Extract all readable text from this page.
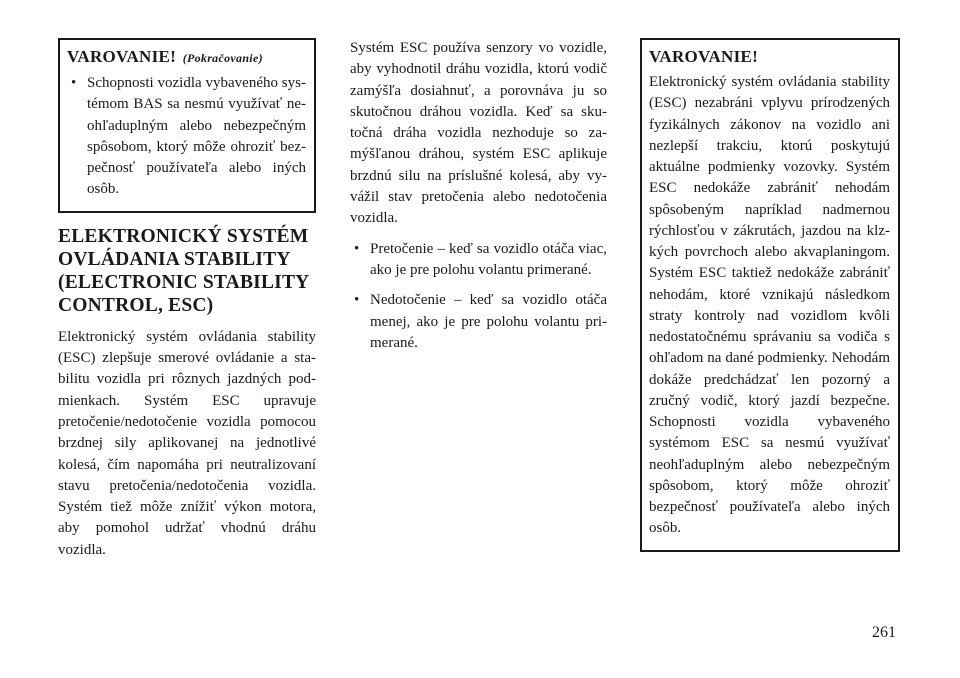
VAROVANIE! (Pokračovanie)
• Schopnosti vozidla vybaveného systémom BAS sa nesmú využívať neohľaduplným alebo nebezpečným spôsobom, ktorý môže ohroziť bezpečnosť používateľa alebo iných osôb.
ELEKTRONICKÝ SYSTÉM OVLÁDANIA STABILITY (ELECTRONIC STABILITY CONTROL, ESC)

Elektronický systém ovládania stability (ESC) zlepšuje smerové ovládanie a stabilitu vozidla pri rôznych jazdných podmienkach. Systém ESC upravuje pretočenie/nedotočenie vozidla pomocou brzdnej sily aplikovanej na jednotlivé kolesá, čím napomáha pri neutralizovaní stavu pretočenia/nedotočenia vozidla. Systém tiež môže znížiť výkon motora, aby pomohol udržať vhodnú dráhu vozidla.

Systém ESC používa senzory vo vozidle, aby vyhodnotil dráhu vozidla, ktorú vodič zamýšľa dosiahnuť, a porovnáva ju so skutočnou dráhou vozidla. Keď sa skutočná dráha vozidla nezhoduje so zamýšľanou dráhou, systém ESC aplikuje brzdnú silu na príslušné kolesá, aby vyvážil stav pretočenia alebo nedotočenia vozidla.

• Pretočenie – keď sa vozidlo otáča viac, ako je pre polohu volantu primerané.
• Nedotočenie – keď sa vozidlo otáča menej, ako je pre polohu volantu primerané.
VAROVANIE!

Elektronický systém ovládania stability (ESC) nezabráni vplyvu prírodzených fyzikálnych zákonov na vozidlo ani nezlepší trakciu, ktorú poskytujú aktuálne podmienky vozovky. Systém ESC nedokáže zabrániť nehodám spôsobeným napríklad nadmernou rýchlosťou v zákrutách, jazdou na klzkých povrchoch alebo akvaplaningom. Systém ESC taktiež nedokáže zabrániť nehodám, ktoré vznikajú následkom straty kontroly nad vozidlom kvôli nedostatočnému správaniu sa vodiča s ohľadom na dané podmienky. Nehodám dokáže predchádzať len pozorný a zručný vodič, ktorý jazdí bezpečne. Schopnosti vozidla vybaveného systémom ESC sa nesmú využívať neohľaduplným alebo nebezpečným spôsobom, ktorý môže ohroziť bezpečnosť používateľa alebo iných osôb.

261
